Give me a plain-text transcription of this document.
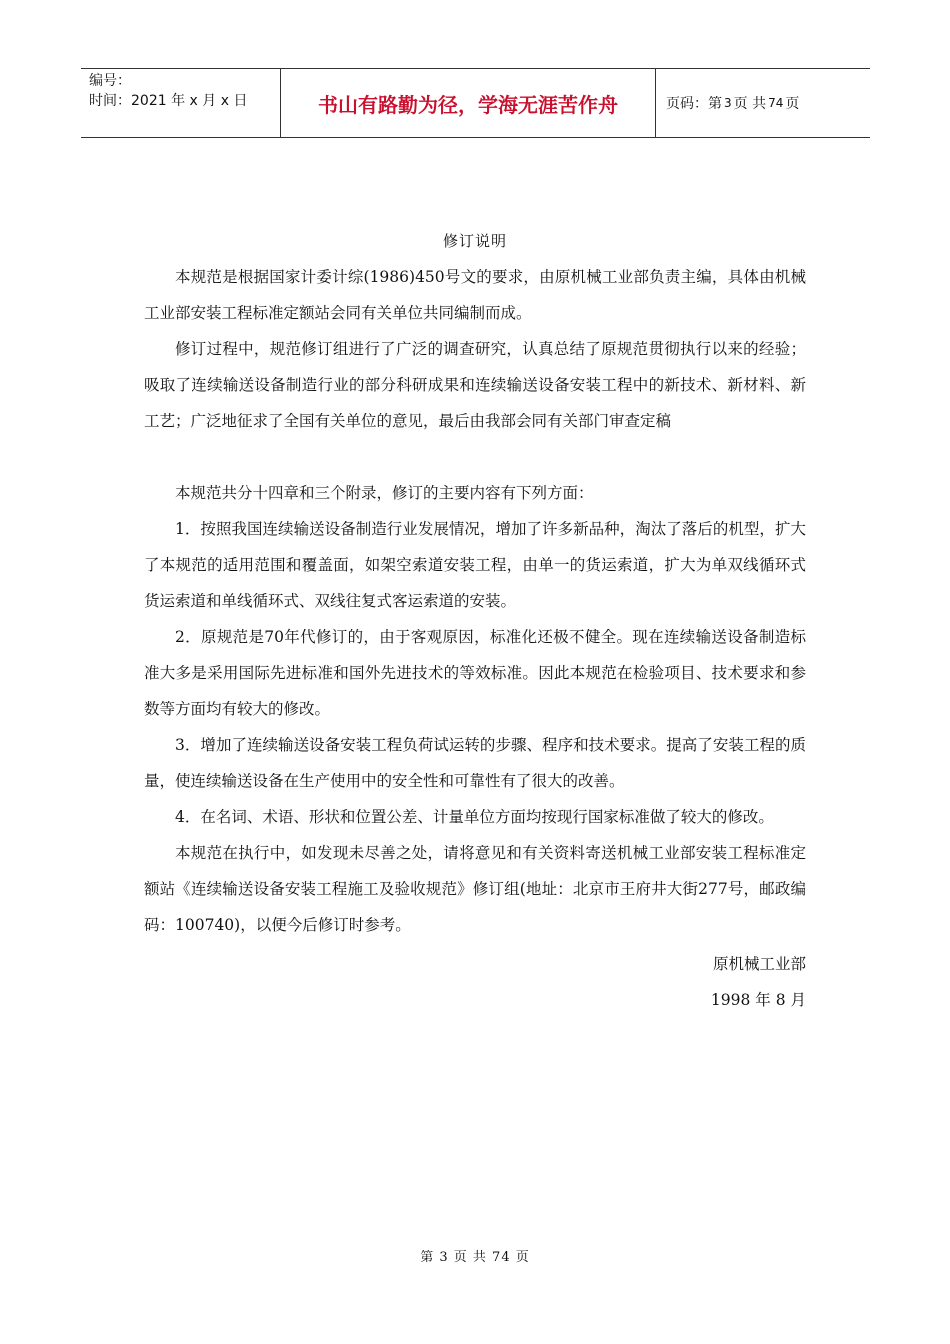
编号：
时间：2021 年 x 月 x 日	书山有路勤为径，学海无涯苦作舟	页码：第 3 页 共 74 页
修订说明

本规范是根据国家计委计综(1986)450号文的要求，由原机械工业部负责主编，具体由机械工业部安装工程标准定额站会同有关单位共同编制而成。

修订过程中，规范修订组进行了广泛的调查研究，认真总结了原规范贯彻执行以来的经验；吸取了连续输送设备制造行业的部分科研成果和连续输送设备安装工程中的新技术、新材料、新工艺；广泛地征求了全国有关单位的意见，最后由我部会同有关部门审查定稿

本规范共分十四章和三个附录，修订的主要内容有下列方面：

1．按照我国连续输送设备制造行业发展情况，增加了许多新品种，淘汰了落后的机型，扩大了本规范的适用范围和覆盖面，如架空索道安装工程，由单一的货运索道，扩大为单双线循环式货运索道和单线循环式、双线往复式客运索道的安装。

2．原规范是70年代修订的，由于客观原因，标准化还极不健全。现在连续输送设备制造标准大多是采用国际先进标准和国外先进技术的等效标准。因此本规范在检验项目、技术要求和参数等方面均有较大的修改。

3．增加了连续输送设备安装工程负荷试运转的步骤、程序和技术要求。提高了安装工程的质量，使连续输送设备在生产使用中的安全性和可靠性有了很大的改善。

4．在名词、术语、形状和位置公差、计量单位方面均按现行国家标准做了较大的修改。

本规范在执行中，如发现未尽善之处，请将意见和有关资料寄送机械工业部安装工程标准定额站《连续输送设备安装工程施工及验收规范》修订组(地址：北京市王府井大街277号，邮政编码：100740)，以便今后修订时参考。

原机械工业部
1998 年 8 月
第 3 页 共 74 页
